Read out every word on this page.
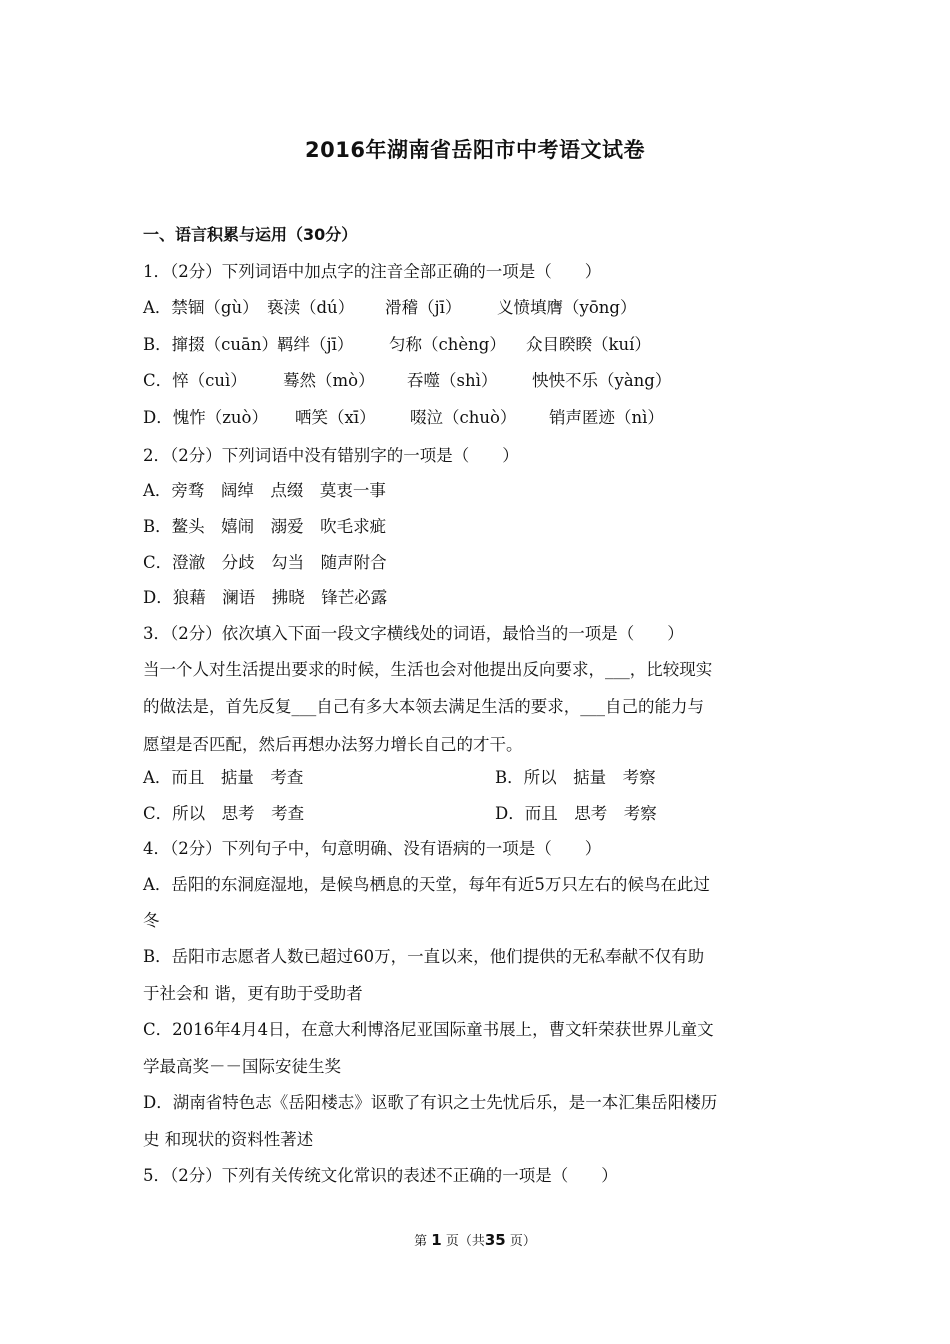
2016年湖南省岳阳市中考语文试卷
一、语言积累与运用（30分）
1．（2分）下列词语中加点字的注音全部正确的一项是（　　）
A．禁锢（gù） 亵渎（dú） 滑稽（jī） 义愤填膺（yōng）
B．撺掇（cuān）羁绊（jī） 匀称（chèng） 众目睽睽（kuí）
C．悴（cuì） 蓦然（mò） 吞噬（shì） 怏怏不乐（yàng）
D．愧怍（zuò） 哂笑（xī） 啜泣（chuò） 销声匿迹（nì）
2．（2分）下列词语中没有错别字的一项是（　　）
A．旁骛　阔绰　点缀　莫衷一事
B．鳌头　嬉闹　溺爱　吹毛求疵
C．澄澈　分歧　勾当　随声附合
D．狼藉　澜语　拂晓　锋芒必露
3．（2分）依次填入下面一段文字横线处的词语，最恰当的一项是（　　）
当一个人对生活提出要求的时候，生活也会对他提出反向要求，___，比较现实
的做法是，首先反复___自己有多大本领去满足生活的要求，___自己的能力与
愿望是否匹配，然后再想办法努力增长自己的才干。
A．而且　掂量　考查	B．所以　掂量　考察
C．所以　思考　考查	D．而且　思考　考察
4．（2分）下列句子中，句意明确、没有语病的一项是（　　）
A．岳阳的东洞庭湿地，是候鸟栖息的天堂，每年有近5万只左右的候鸟在此过
冬
B．岳阳市志愿者人数已超过60万，一直以来，他们提供的无私奉献不仅有助
于社会和 谐，更有助于受助者
C．2016年4月4日，在意大利博洛尼亚国际童书展上，曹文轩荣获世界儿童文
学最高奖－－国际安徒生奖
D．湖南省特色志《岳阳楼志》讴歌了有识之士先忧后乐，是一本汇集岳阳楼历
史 和现状的资料性著述
5．（2分）下列有关传统文化常识的表述不正确的一项是（　　）
第 1 页（共35 页）
